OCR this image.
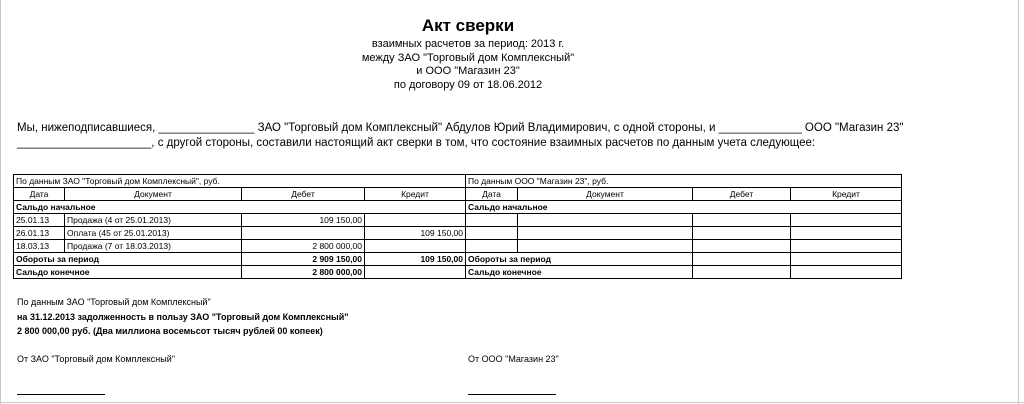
Акт сверки
взаимных расчетов за период: 2013 г.
между ЗАО "Торговый дом Комплексный"
и ООО "Магазин 23"
по договору 09 от 18.06.2012
Мы, нижеподписавшиеся, _______________ ЗАО "Торговый дом Комплексный" Абдулов Юрий Владимирович, с одной стороны, и _____________ ООО "Магазин 23" _____________________, с другой стороны, составили настоящий акт сверки в том, что состояние взаимных расчетов по данным учета следующее:
По данным ЗАО "Торговый дом Комплексный", руб.				По данным ООО "Магазин 23", руб.			
Дата	Документ	Дебет	Кредит	Дата	Документ	Дебет	Кредит
Сальдо начальное				Сальдо начальное			
25.01.13	Продажа (4 от 25.01.2013)	109 150,00					
26.01.13	Оплата (45 от 25.01.2013)		109 150,00				
18.03.13	Продажа (7 от 18.03.2013)	2 800 000,00					
Обороты за период		2 909 150,00	109 150,00	Обороты за период			
Сальдо конечное		2 800 000,00		Сальдо конечное			
По данным ЗАО "Торговый дом Комплексный"
на 31.12.2013 задолженность в пользу ЗАО "Торговый дом Комплексный"
2 800 000,00 руб. (Два миллиона восемьсот тысяч рублей 00 копеек)
От ЗАО "Торговый дом Комплексный"	От ООО "Магазин 23"
